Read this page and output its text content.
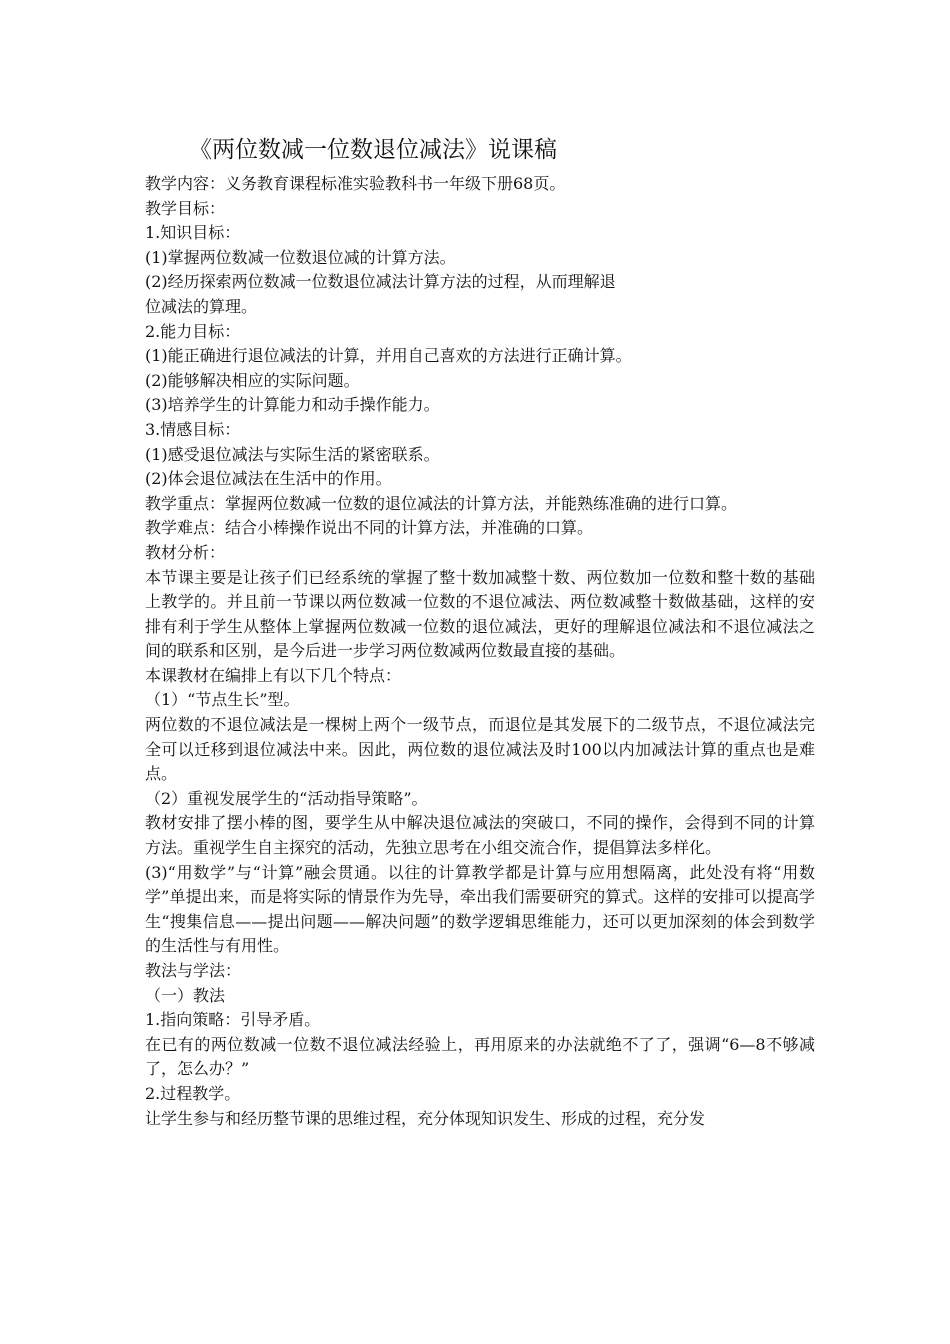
《两位数减一位数退位减法》说课稿

教学内容：义务教育课程标准实验教科书一年级下册68页。

教学目标：

1.知识目标：

(1)掌握两位数减一位数退位减的计算方法。

(2)经历探索两位数减一位数退位减法计算方法的过程，从而理解退

位减法的算理。

2.能力目标：

(1)能正确进行退位减法的计算，并用自己喜欢的方法进行正确计算。

(2)能够解决相应的实际问题。

(3)培养学生的计算能力和动手操作能力。

3.情感目标：

(1)感受退位减法与实际生活的紧密联系。

(2)体会退位减法在生活中的作用。

教学重点：掌握两位数减一位数的退位减法的计算方法，并能熟练准确的进行口算。

教学难点：结合小棒操作说出不同的计算方法，并准确的口算。

教材分析：

本节课主要是让孩子们已经系统的掌握了整十数加减整十数、两位数加一位数和整十数的基础上教学的。并且前一节课以两位数减一位数的不退位减法、两位数减整十数做基础，这样的安排有利于学生从整体上掌握两位数减一位数的退位减法，更好的理解退位减法和不退位减法之间的联系和区别，是今后进一步学习两位数减两位数最直接的基础。

本课教材在编排上有以下几个特点：

（1）“节点生长”型。

两位数的不退位减法是一棵树上两个一级节点，而退位是其发展下的二级节点，不退位减法完全可以迁移到退位减法中来。因此，两位数的退位减法及时100以内加减法计算的重点也是难点。

（2）重视发展学生的“活动指导策略”。

教材安排了摆小棒的图，要学生从中解决退位减法的突破口，不同的操作，会得到不同的计算方法。重视学生自主探究的活动，先独立思考在小组交流合作，提倡算法多样化。

(3)“用数学”与“计算”融会贯通。以往的计算教学都是计算与应用想隔离，此处没有将“用数学”单提出来，而是将实际的情景作为先导，牵出我们需要研究的算式。这样的安排可以提高学生“搜集信息——提出问题——解决问题”的数学逻辑思维能力，还可以更加深刻的体会到数学的生活性与有用性。

教法与学法：

（一）教法

1.指向策略：引导矛盾。

在已有的两位数减一位数不退位减法经验上，再用原来的办法就绝不了了，强调“6—8不够减了，怎么办？”

2.过程教学。

让学生参与和经历整节课的思维过程，充分体现知识发生、形成的过程，充分发
